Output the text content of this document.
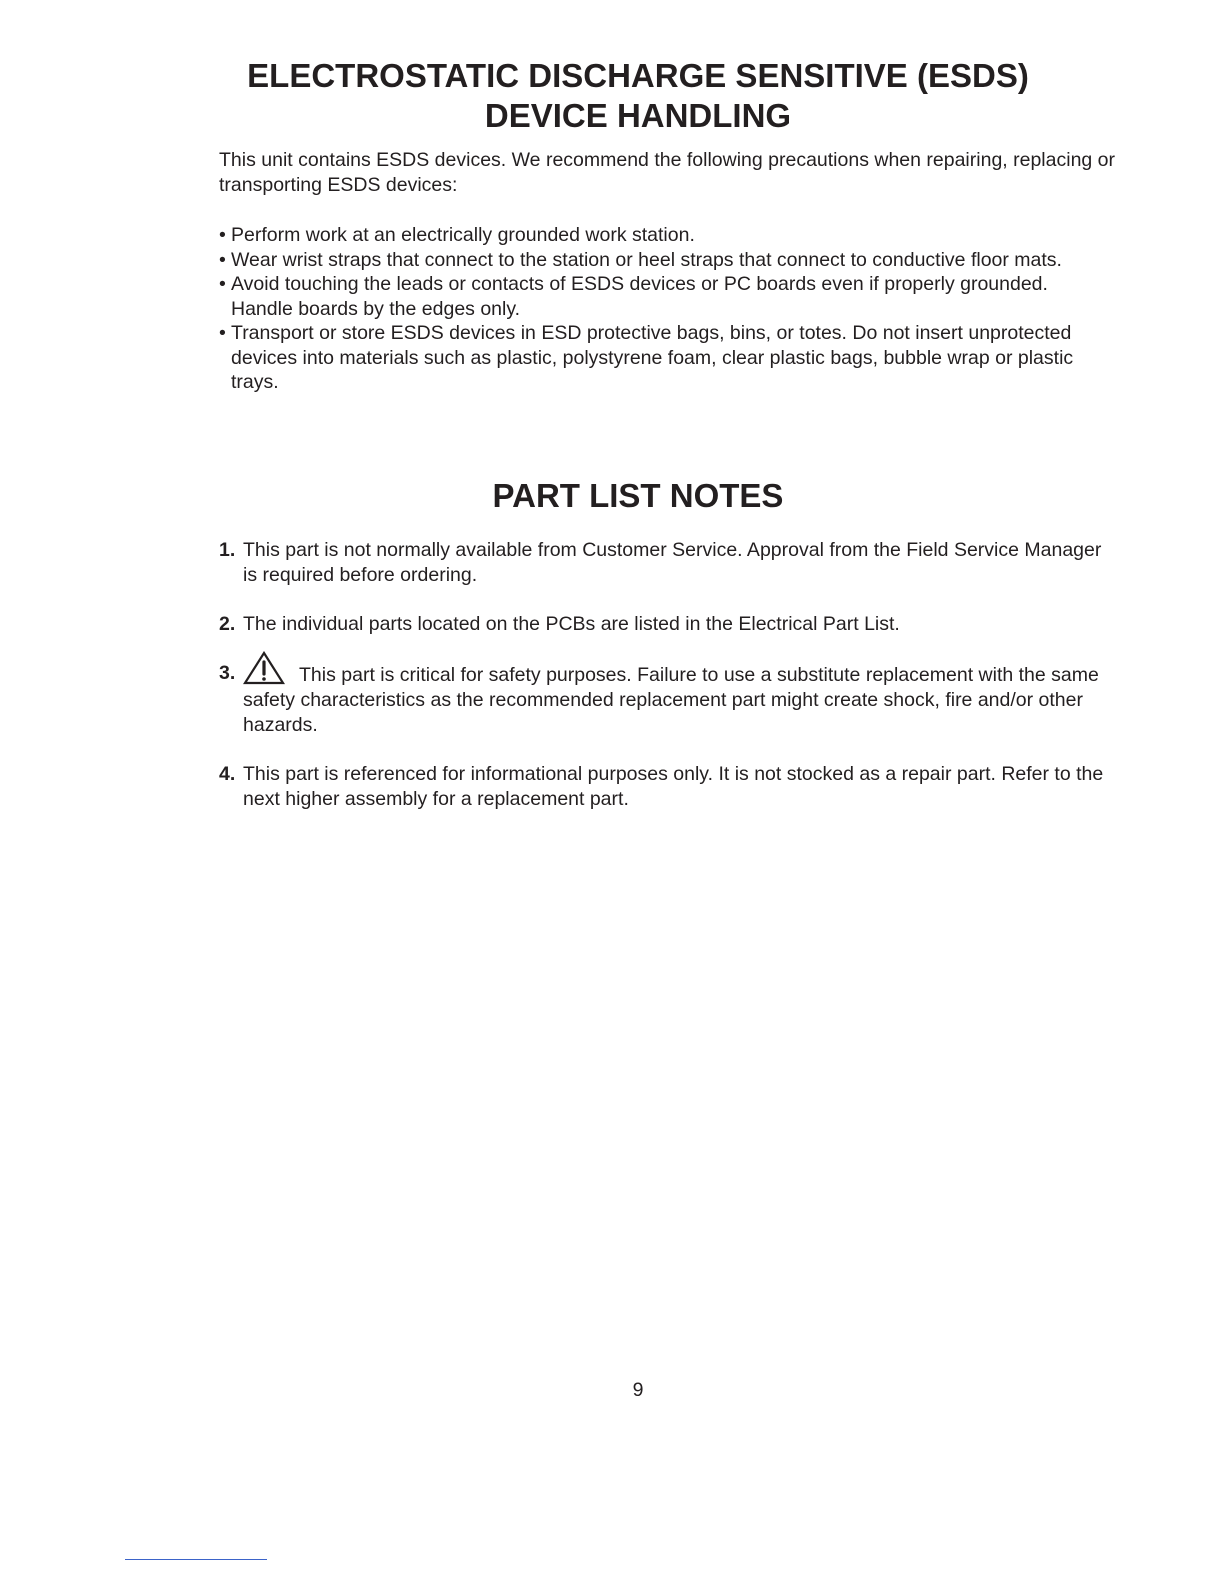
ELECTROSTATIC DISCHARGE SENSITIVE (ESDS)
DEVICE HANDLING

This unit contains ESDS devices. We recommend the following precautions when repairing, replacing or transporting ESDS devices:

• Perform work at an electrically grounded work station.
• Wear wrist straps that connect to the station or heel straps that connect to conductive floor mats.
• Avoid touching the leads or contacts of ESDS devices or PC boards even if properly grounded. Handle boards by the edges only.
• Transport or store ESDS devices in ESD protective bags, bins, or totes. Do not insert unprotected devices into materials such as plastic, polystyrene foam, clear plastic bags, bubble wrap or plastic trays.
PART LIST NOTES
1. This part is not normally available from Customer Service. Approval from the Field Service Manager is required before ordering.
2. The individual parts located on the PCBs are listed in the Electrical Part List.
3.	This part is critical for safety purposes. Failure to use a substitute replacement with the same safety characteristics as the recommended replacement part might create shock, fire and/or other hazards.
4. This part is referenced for informational purposes only. It is not stocked as a repair part. Refer to the next higher assembly for a replacement part.
9
